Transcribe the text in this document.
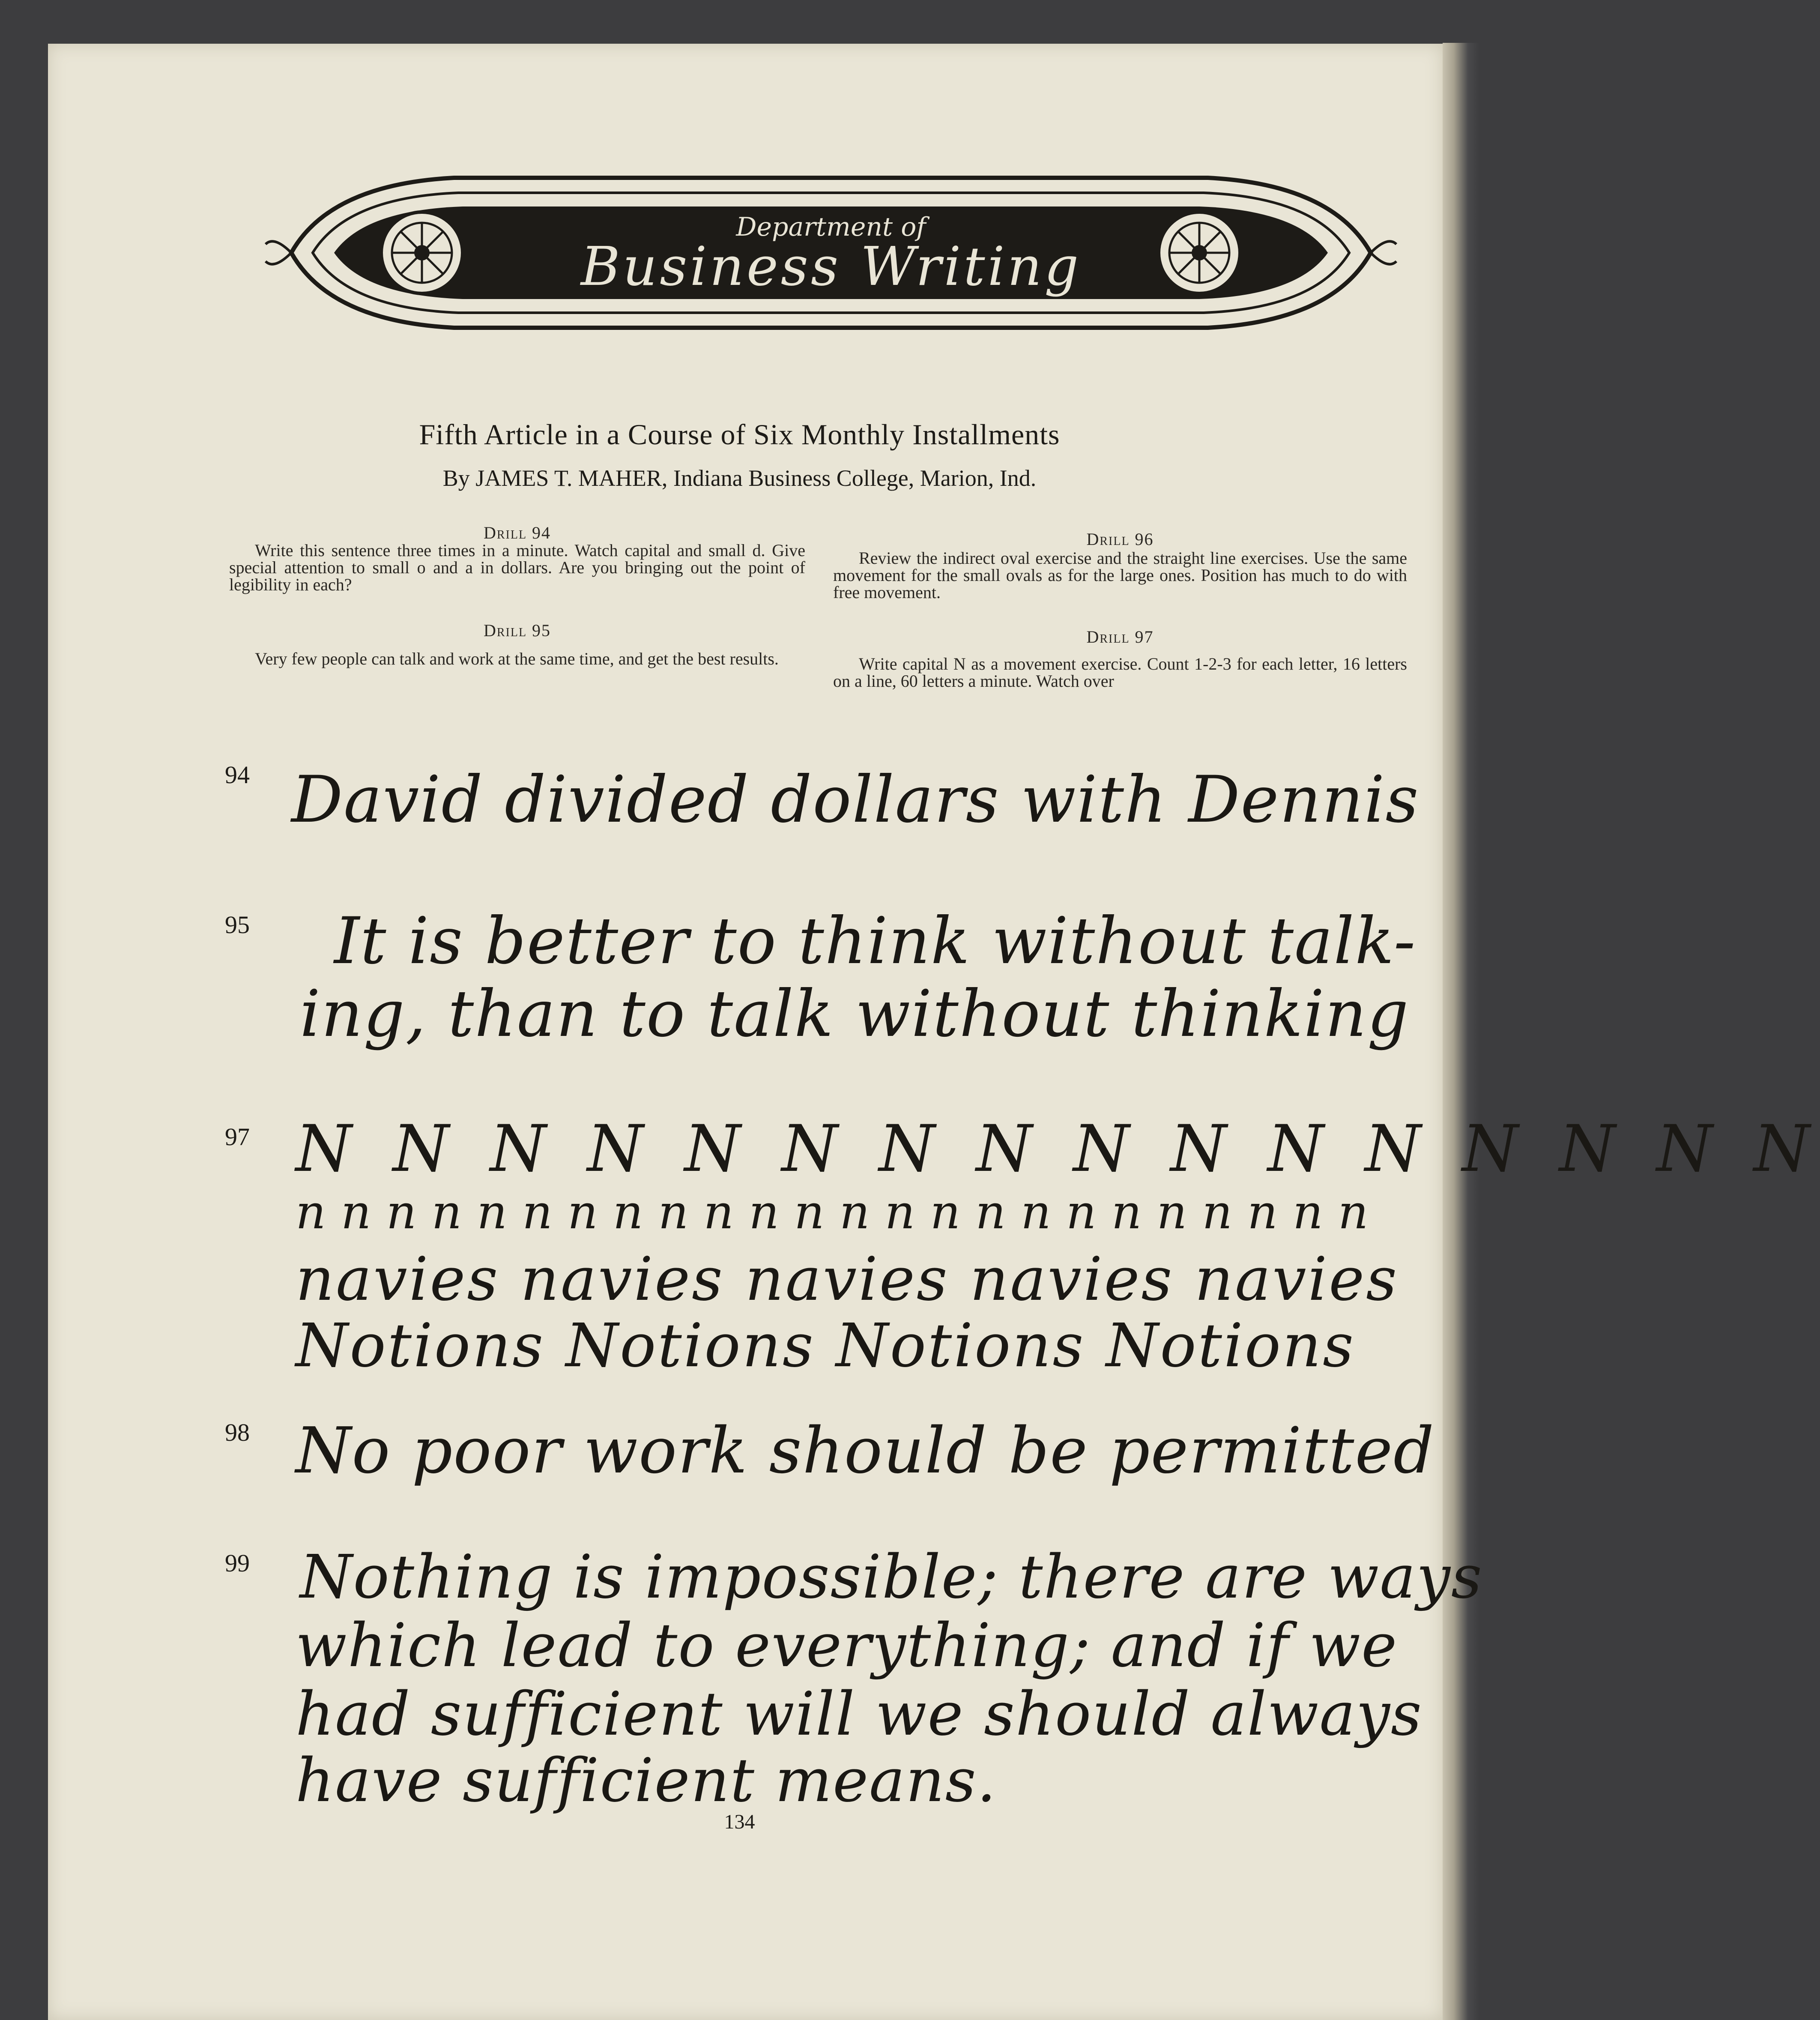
Department of
Business Writing
Fifth Article in a Course of Six Monthly Installments
By JAMES T. MAHER, Indiana Business College, Marion, Ind.
Drill 94
Write this sentence three times in a minute. Watch capital and small d. Give special attention to small o and a in dollars. Are you bringing out the point of legibility in each?
Drill 95
Very few people can talk and work at the same time, and get the best results.
Drill 96
Review the indirect oval exercise and the straight line exercises. Use the same movement for the small ovals as for the large ones. Position has much to do with free movement.
Drill 97
Write capital N as a movement exercise. Count 1-2-3 for each letter, 16 letters on a line, 60 letters a minute. Watch over
94 David divided dollars with Dennis
95 It is better to think without talk-
ing, than to talk without thinking
97 N N N N N N N N N N N N N N N N
n n n n n n n n n n n n n n n n n n n n n n n n
navies navies navies navies navies
Notions Notions Notions Notions
98 No poor work should be permitted
99 Nothing is impossible; there are ways
which lead to everything; and if we
had sufficient will we should always
have sufficient means.
134
